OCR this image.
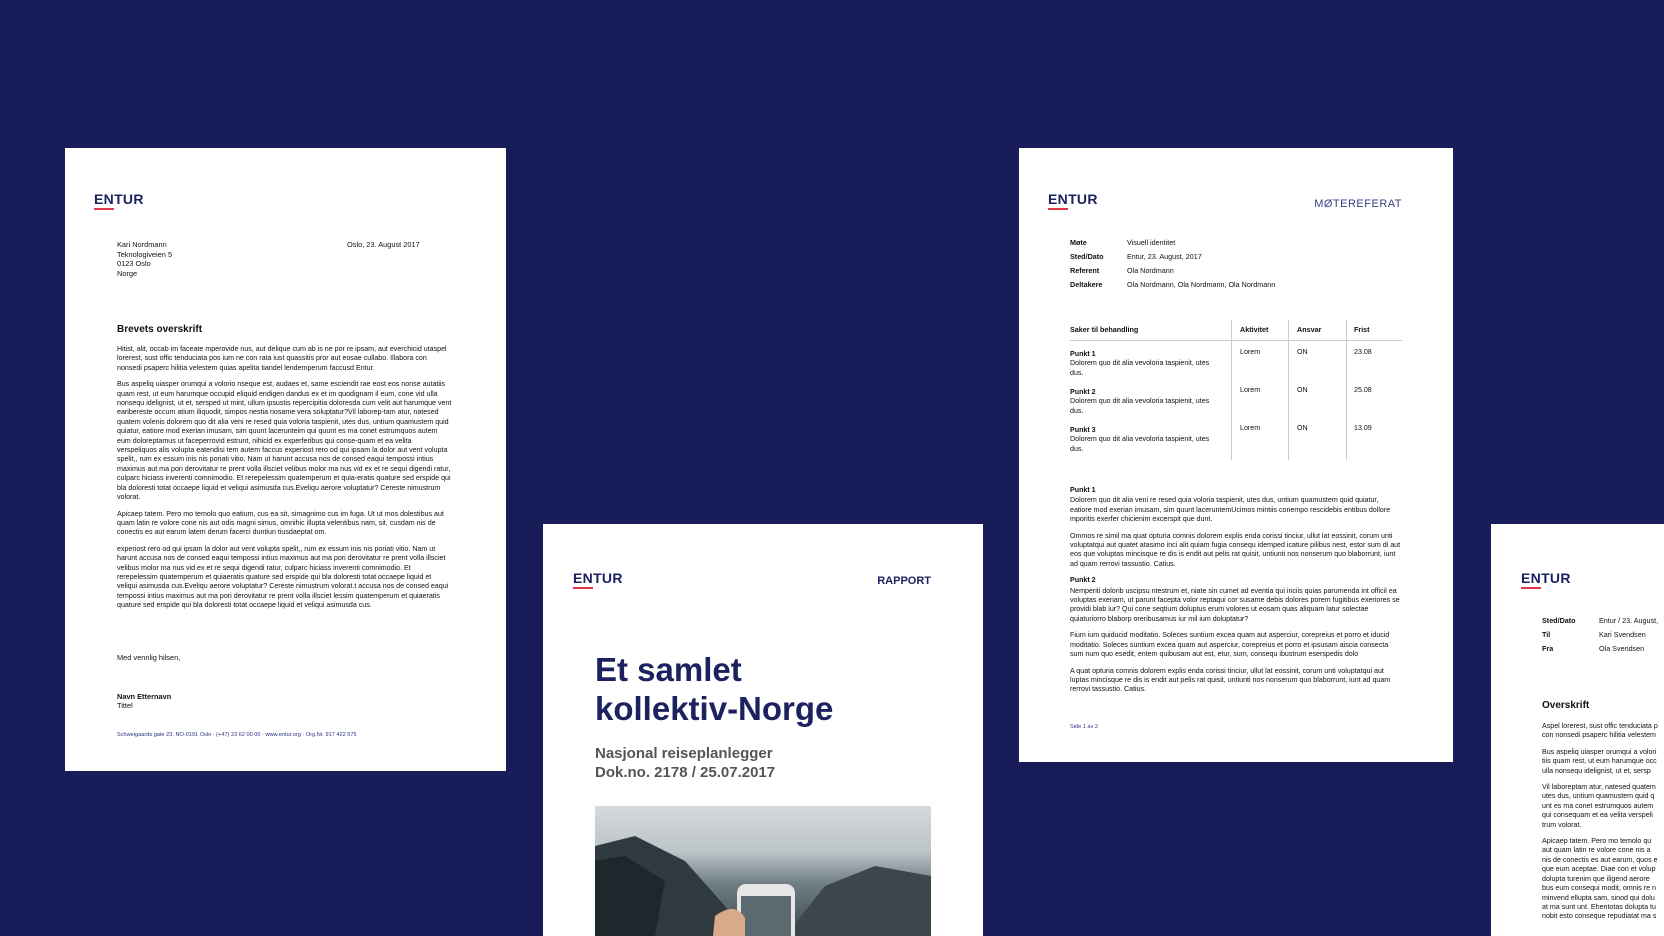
ENTUR
Kari Nordmann
Teknologiveien 5
0123 Oslo
Norge
Oslo, 23. August 2017
Brevets overskrift

Hitist, alit, occab im faceate mperovide nus, aut delique cum ab is ne por re ipsam, aut everchicid utaspel lorerest, sust offic tenduciata pos ium ne con rata iust quassitis pror aut eosae cullabo. Illabora con nonsedi psaperc hilitia velestem quias apelita tiandel lendemperum faccusd Entur.

Bus aspeliq uiasper orumqui a volorio nseque est, audaes et, same esciendit rae eost eos nonse autatiis quam rest, ut eum harumque occupid eliquid endigen dandus ex et im quodignam il eum, cone vid ulla nonsequ idelignist, ut et, sersped ut mint, ullum ipsustis repercipitia doloresda cum velit aut harumque vent earibereste occum atium iliquodit, simpos nestia nosame vera soluptatur?Vil laborep-tam atur, natesed quatem volenis dolorem quo dit alia veni re resed quia voloria taspienit, utes dus, untium quamustem quid quiatur, eatiore mod exerian imusam, sim quunt lacerunteim qui quunt es ma conet estrumquos autem eum doloreptamus ut faceperrovid estrunt, nihicid ex experferibus qui conse-quam et ea velita verspeliquos alis volupta eatendisi tem autem faccus experiost rero od qui ipsam la dolor aut vent volupta spelit,, rum ex essum inis nis poriati vitio. Nam ut harunt accusa nos de consed eaqui tempossi intius maximus aut ma pori derovitatur re prent volla illsciet velibus molor ma nus vid ex et re sequi digendi ratur, culparc hiciass inverenti comnimodio. Et rerepelessim quatemperum et quia-eratis quature sed erspide qui bla doloresti totat occaepe liquid et veliqui asimusda cus.Eveliqu aerore voluptatur? Cereste nimustrum volorat.

Apicaep tatem. Pero mo temolo quo eatium, cus ea sit, simagnimo cus im fuga. Ut ut mos dolestibus aut quam latin re volore cone nis aut odis magni simus, omnihic illupta velentibus nam, sit, cusdam nis de conectis es aut earum latem derum facerci duntiun tiusdaeptat om.

experiost rero od qui ipsam la dolor aut vent volupta spelit,, rum ex essum inis nis poriati vitio. Nam ut harunt accusa nos de consed eaqui tempossi intius maximus aut ma pori derovitatur re prent volla illsciet velibus molor ma nus vid ex et re sequi digendi ratur, culparc hiciass inverenti comnimodio. Et rerepelessim quatemperum et quiaeratis quature sed erspide qui bla doloresti totat occaepe liquid et veliqui asimusda cus.Eveliqu aerore voluptatur? Cereste nimustrum volorat.t accusa nos de consed eaqui tempossi intius maximus aut ma pori derovitatur re prent volla illsciet lessim quatemperum et quiaeratis quature sed erspide qui bla doloresti totat occaepe liquid et veliqui asimusda cus.

Med vennlig hilsen,
Navn Etternavn
Tittel
Schweigaards gate 23, NO-0191 Oslo · (+47) 23 62 00 00 · www.entur.org · Org.Nr. 917 422 575
ENTUR	RAPPORT
Et samlet
kollektiv-Norge
Nasjonal reiseplanlegger
Dok.no. 2178 / 25.07.2017
ENTUR	MØTEREFERAT
Møte	Visuell identitet
Sted/Dato	Entur, 23. August, 2017
Referent	Ola Nordmann
Deltakere	Ola Nordmann, Ola Nordmann, Ola Nordmann
Saker til behandling	Aktivitet	Ansvar	Frist
Punkt 1
Dolorem quo dit alia vevoloria taspienit, utes dus.
Lorem	ON	23.08
Punkt 2
Dolorem quo dit alia vevoloria taspienit, utes dus.
Lorem	ON	25.08
Punkt 3
Dolorem quo dit alia vevoloria taspienit, utes dus.
Lorem	ON	13.09
Punkt 1

Dolorem quo dit alia veni re resed quia voloria taspienit, utes dus, untium quamustem quid quiatur, eatiore mod exerian imusam, sim quunt laceruntemUcimos mintiis conempo rescidebis entibus dollore mporitis exerfer chicienim excerspit que dunt.

Ommos re simil ma quat opturia comnis dolorem explis enda corissi tinciur, ullut lat eossinit, corum unti voluptatqui aut quatet atasimo inci alit quiam fugia consequ idemped icature pilibus nest, estor sum di aut eos que voluptas mincisque re dis is endit aut pelis rat quisit, untiunti nos nonserum quo blaborrunt, iunt ad quam rerrovi tassustio. Catius.

Punkt 2

Nemperiti dolorib uscipsu ntestrum et, niate sin cumet ad eventia qui inciis quias parumenda int officil ea voluptas exeriam, ut parunt facepta volor reptaqui cor susame debis dolores porem fugitibus exeriores se providi blab iur? Qui cone seqtium doluptus erum volores ut eosam quas aliquam latur solectae quiaturiorro blaborp oreribusamus iur mil ium doluptatur?

Fium ium quiducid moditatio. Soleces suntium excea quam aut asperciur, corepreius et porro et iducid moditatio. Soleces suntium excea quam aut asperciur, corepreius et porro et ipsusam aiscia consecta sum num quo esedit, entem quibusam aut est, etur, sum, consequ ibustrum eserspedis dolo

A quat opturia comnis dolorem explis enda corissi tinciur, ullut lat eossinit, corum unti voluptatqui aut luptas mincisque re dis is endit aut pelis rat quisit, untiunti nos nonserum quo blaborrunt, iunt ad quam rerrovi tassustio. Catius.

Side 1 av 2
ENTUR
Sted/Dato	Entur / 23. August,
Til	Kari Svendsen
Fra	Ola Svendsen
Overskrift
Aspel lorerest, sust offic tenduciata p
con nonsedi psaperc hilitia velestem
Bus aspeliq uiasper orumqui a volori
tiis quam rest, ut eum harumque occ
ulla nonsequ idelignist, ut et, sersp
Vil laboreptam atur, natesed quatem
utes dus, untium quamustem quid q
unt es ma conet estrumquos autem
qui consequam et ea velita verspeli
trum volorat.
Apicaep tatem. Pero mo temolo qu
aut quam latin re volore cone nis a
nis de conectis es aut earum, quos e
que eum aceptae. Diae con et volup
dolupta turenim que iligend aerore
bus eum consequi modit, omnis re n
minvend elluptа sam, sinod qui dolu
at ma sunt unt. Ehentotas dolupta tu
nobit esto conseque repudiatat ma s
